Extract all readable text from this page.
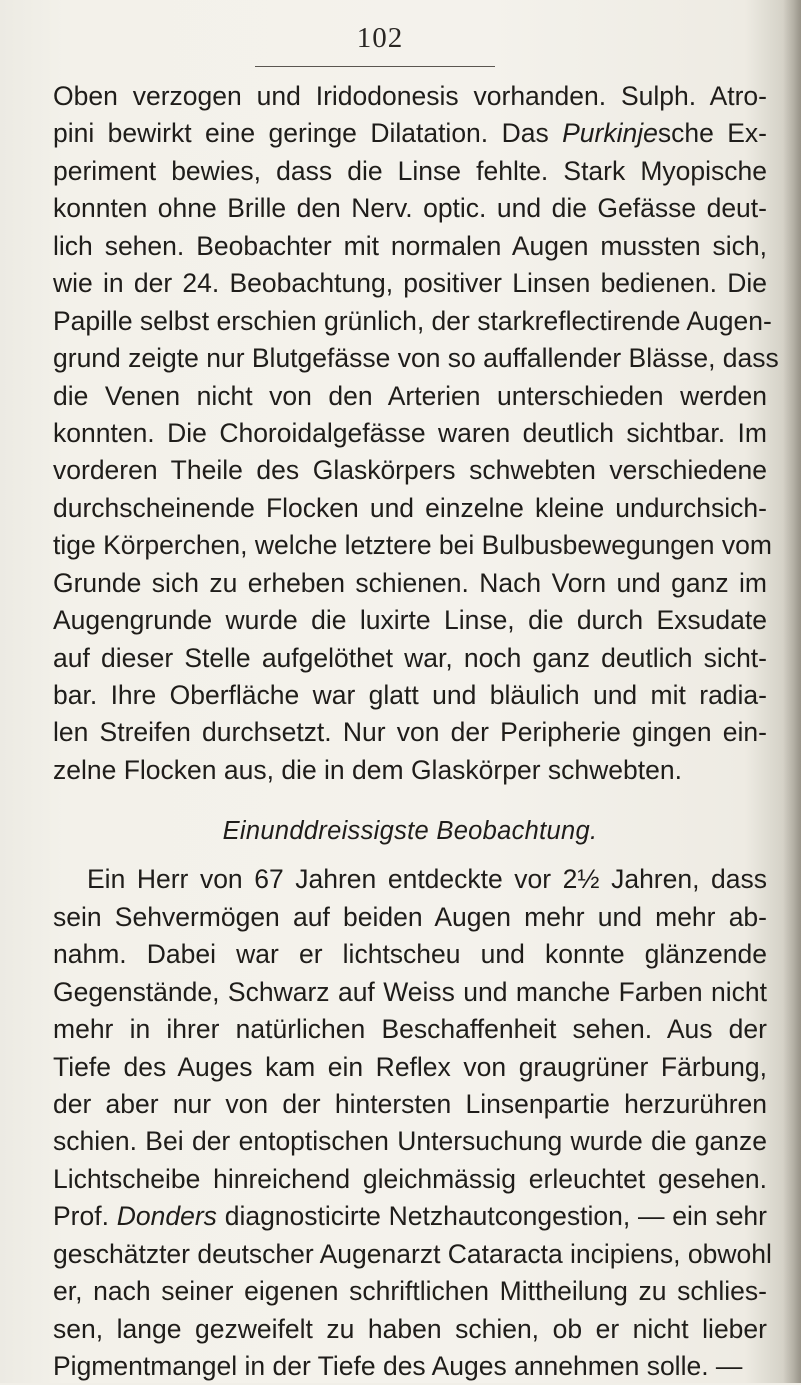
102
Oben verzogen und Iridodonesis vorhanden. Sulph. Atro-
pini bewirkt eine geringe Dilatation. Das Purkinjesche Ex-
periment bewies, dass die Linse fehlte. Stark Myopische
konnten ohne Brille den Nerv. optic. und die Gefässe deut-
lich sehen. Beobachter mit normalen Augen mussten sich,
wie in der 24. Beobachtung, positiver Linsen bedienen. Die
Papille selbst erschien grünlich, der starkreflectirende Augen-
grund zeigte nur Blutgefässe von so auffallender Blässe, dass
die Venen nicht von den Arterien unterschieden werden
konnten. Die Choroidalgefässe waren deutlich sichtbar. Im
vorderen Theile des Glaskörpers schwebten verschiedene
durchscheinende Flocken und einzelne kleine undurchsich-
tige Körperchen, welche letztere bei Bulbusbewegungen vom
Grunde sich zu erheben schienen. Nach Vorn und ganz im
Augengrunde wurde die luxirte Linse, die durch Exsudate
auf dieser Stelle aufgelöthet war, noch ganz deutlich sicht-
bar. Ihre Oberfläche war glatt und bläulich und mit radia-
len Streifen durchsetzt. Nur von der Peripherie gingen ein-
zelne Flocken aus, die in dem Glaskörper schwebten.
Einunddreissigste Beobachtung.
Ein Herr von 67 Jahren entdeckte vor 2½ Jahren, dass
sein Sehvermögen auf beiden Augen mehr und mehr ab-
nahm. Dabei war er lichtscheu und konnte glänzende
Gegenstände, Schwarz auf Weiss und manche Farben nicht
mehr in ihrer natürlichen Beschaffenheit sehen. Aus der
Tiefe des Auges kam ein Reflex von graugrüner Färbung,
der aber nur von der hintersten Linsenpartie herzurühren
schien. Bei der entoptischen Untersuchung wurde die ganze
Lichtscheibe hinreichend gleichmässig erleuchtet gesehen.
Prof. Donders diagnosticirte Netzhautcongestion, — ein sehr
geschätzter deutscher Augenarzt Cataracta incipiens, obwohl
er, nach seiner eigenen schriftlichen Mittheilung zu schlies-
sen, lange gezweifelt zu haben schien, ob er nicht lieber
Pigmentmangel in der Tiefe des Auges annehmen solle. —
